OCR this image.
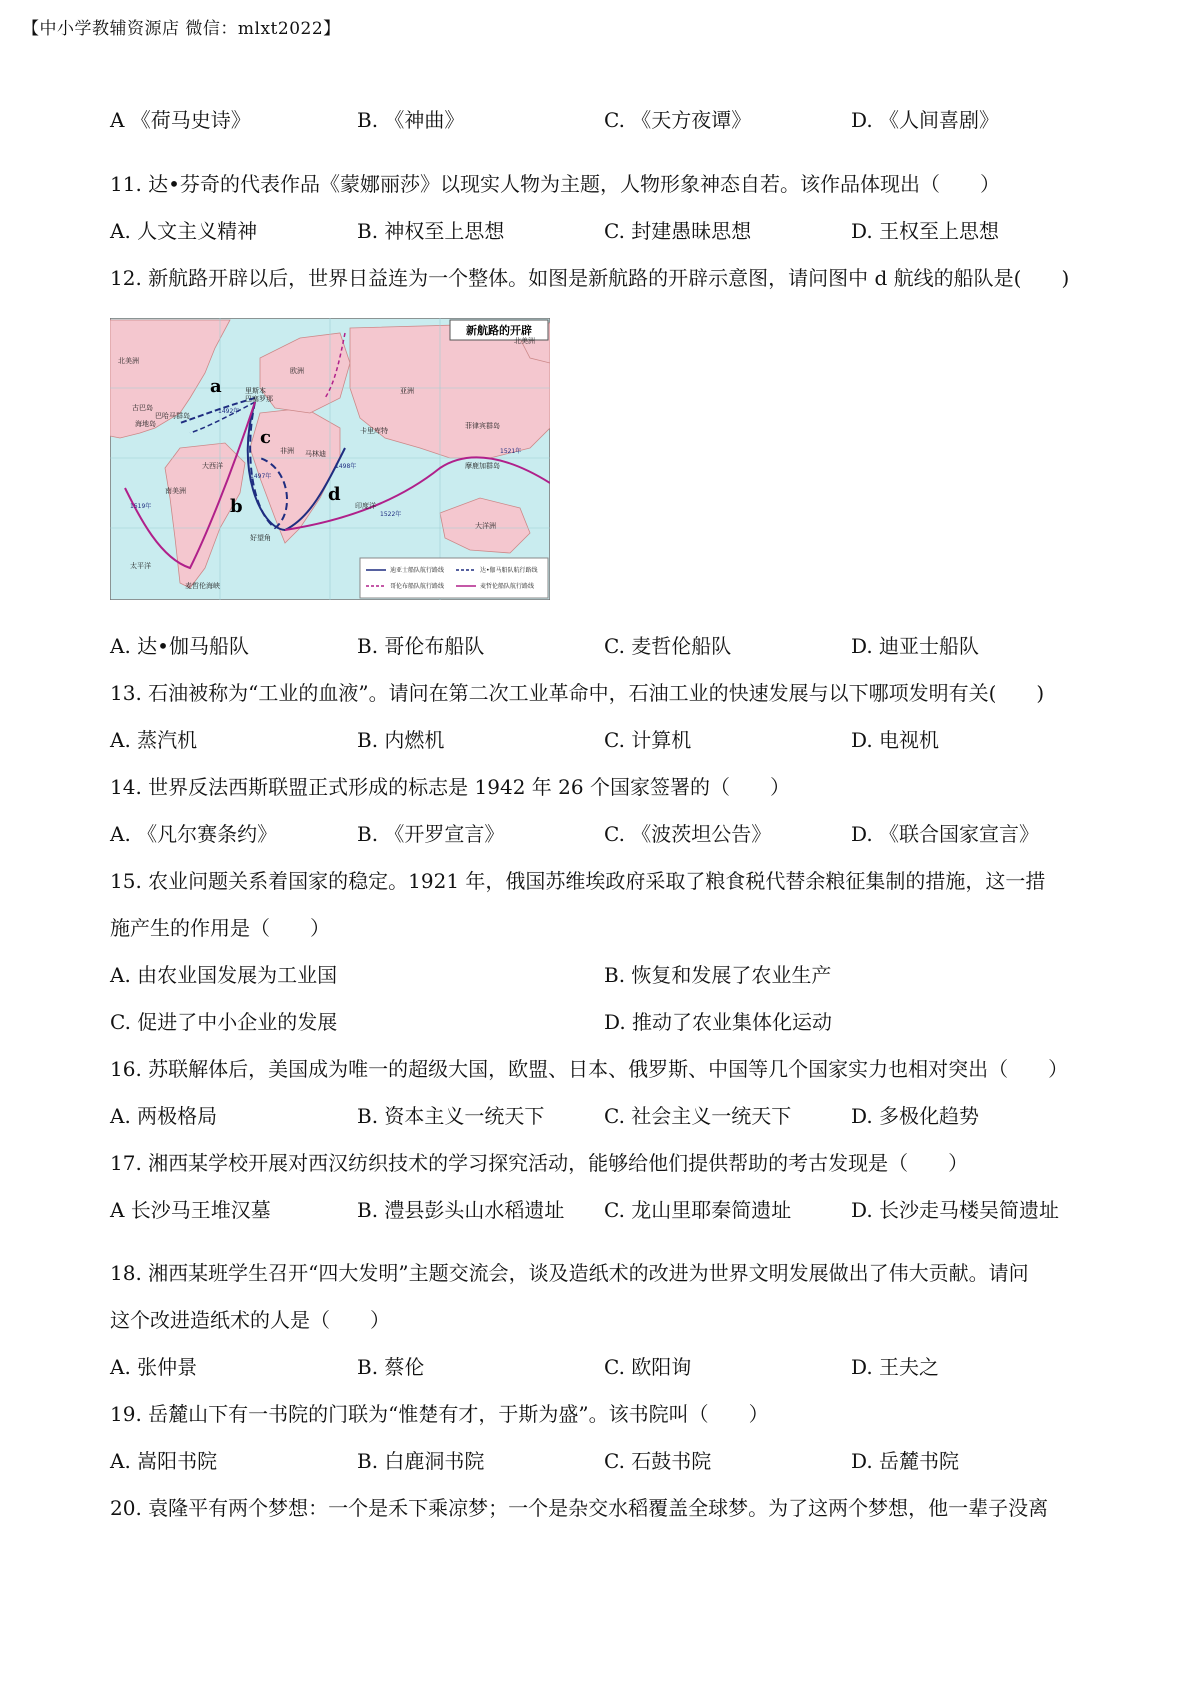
【中小学教辅资源店 微信：mlxt2022】
A 《荷马史诗》	B. 《神曲》	C. 《天方夜谭》	D. 《人间喜剧》
11. 达•芬奇的代表作品《蒙娜丽莎》以现实人物为主题，人物形象神态自若。该作品体现出（　　）
A. 人文主义精神	B. 神权至上思想	C. 封建愚昧思想	D. 王权至上思想
12. 新航路开辟以后，世界日益连为一个整体。如图是新航路的开辟示意图，请问图中 d 航线的船队是(　　)
新航路的开辟
a
b
c
d
北美洲
南美洲
非洲
欧洲
亚洲
大洋洲
北美洲
大西洋
太平洋
印度洋
古巴岛
海地岛
巴哈马群岛
里斯本
巴塞罗那
马林迪
卡里库特
好望角
菲律宾群岛
摩鹿加群岛
麦哲伦海峡
迪亚士船队航行路线	达•伽马船队航行路线
哥伦布船队航行路线	麦哲伦船队航行路线
1492年
1497年
1498年
1519年
1521年
1522年
A. 达•伽马船队	B. 哥伦布船队	C. 麦哲伦船队	D. 迪亚士船队
13. 石油被称为“工业的血液”。请问在第二次工业革命中，石油工业的快速发展与以下哪项发明有关(　　)
A. 蒸汽机	B. 内燃机	C. 计算机	D. 电视机
14. 世界反法西斯联盟正式形成的标志是 1942 年 26 个国家签署的（　　）
A. 《凡尔赛条约》	B. 《开罗宣言》	C. 《波茨坦公告》	D. 《联合国家宣言》
15. 农业问题关系着国家的稳定。1921 年，俄国苏维埃政府采取了粮食税代替余粮征集制的措施，这一措
施产生的作用是（　　）
A. 由农业国发展为工业国	B. 恢复和发展了农业生产
C. 促进了中小企业的发展	D. 推动了农业集体化运动
16. 苏联解体后，美国成为唯一的超级大国，欧盟、日本、俄罗斯、中国等几个国家实力也相对突出（　　）
A. 两极格局	B. 资本主义一统天下	C. 社会主义一统天下	D. 多极化趋势
17. 湘西某学校开展对西汉纺织技术的学习探究活动，能够给他们提供帮助的考古发现是（　　）
A 长沙马王堆汉墓	B. 澧县彭头山水稻遗址 C. 龙山里耶秦简遗址	D. 长沙走马楼吴简遗址
18. 湘西某班学生召开“四大发明”主题交流会，谈及造纸术的改进为世界文明发展做出了伟大贡献。请问
这个改进造纸术的人是（　　）
A. 张仲景	B. 蔡伦	C. 欧阳询	D. 王夫之
19. 岳麓山下有一书院的门联为“惟楚有才，于斯为盛”。该书院叫（　　）
A. 嵩阳书院	B. 白鹿洞书院	C. 石鼓书院	D. 岳麓书院
20. 袁隆平有两个梦想：一个是禾下乘凉梦；一个是杂交水稻覆盖全球梦。为了这两个梦想，他一辈子没离
